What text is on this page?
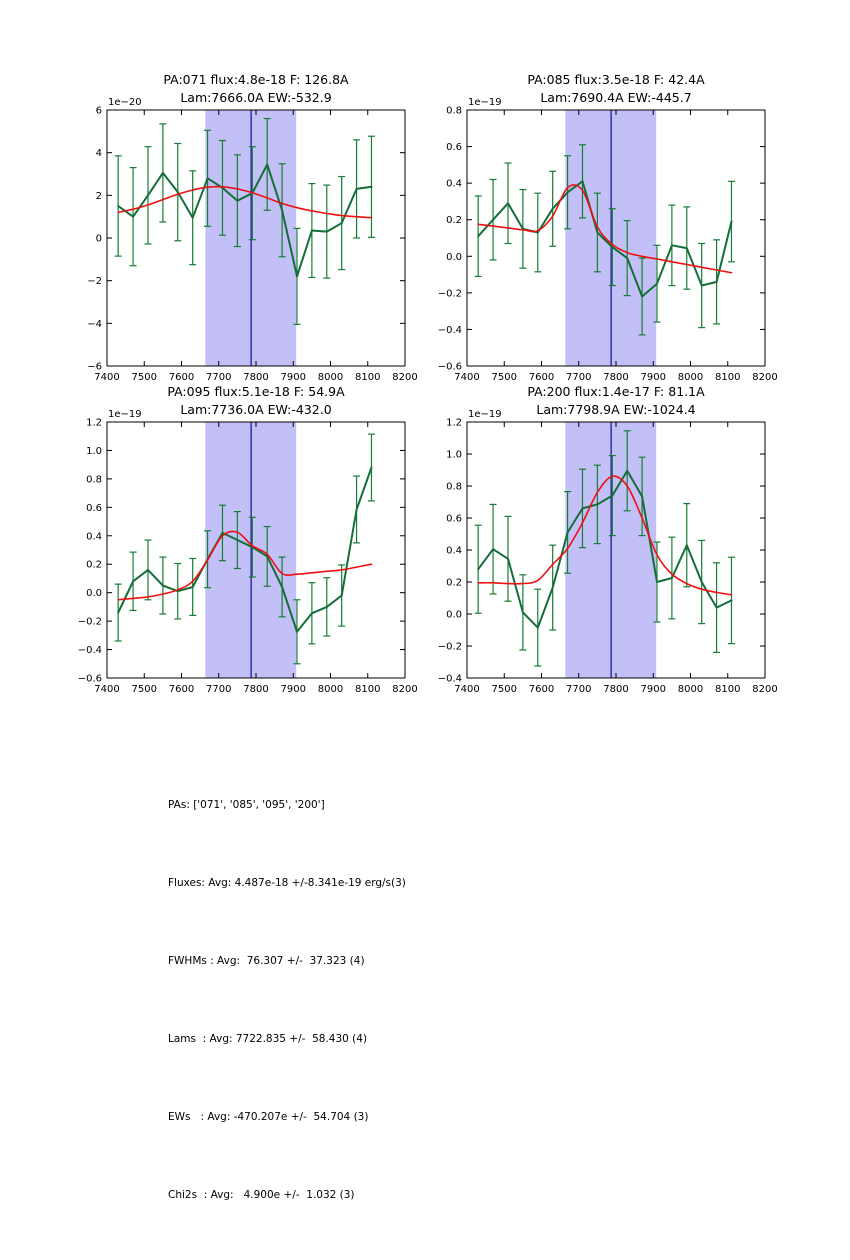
7400 7500 7600 7700 7800 7900 8000 8100 8200
6
4
2
0
−2
−4
−6
1e−20
7400 7500 7600 7700 7800 7900 8000 8100 8200
0.8
0.6
0.4
0.2
0.0
−0.2
−0.4
−0.6
1e−19
7400 7500 7600 7700 7800 7900 8000 8100 8200
1.2
1.0
0.8
0.6
0.4
0.2
0.0
−0.2
−0.4
−0.6
1e−19
7400 7500 7600 7700 7800 7900 8000 8100 8200
1.2
1.0
0.8
0.6
0.4
0.2
0.0
−0.2
−0.4
1e−19
PA:071 flux:4.8e-18 F: 126.8A
Lam:7666.0A EW:-532.9
PA:085 flux:3.5e-18 F: 42.4A
Lam:7690.4A EW:-445.7
PA:095 flux:5.1e-18 F: 54.9A
Lam:7736.0A EW:-432.0
PA:200 flux:1.4e-17 F: 81.1A
Lam:7798.9A EW:-1024.4

PAs: ['071', '085', '095', '200']

Fluxes: Avg: 4.487e-18 +/-8.341e-19 erg/s(3)

FWHMs : Avg:  76.307 +/-  37.323 (4)

Lams  : Avg: 7722.835 +/-  58.430 (4)

EWs   : Avg: -470.207e +/-  54.704 (3)

Chi2s  : Avg:   4.900e +/-  1.032 (3)
